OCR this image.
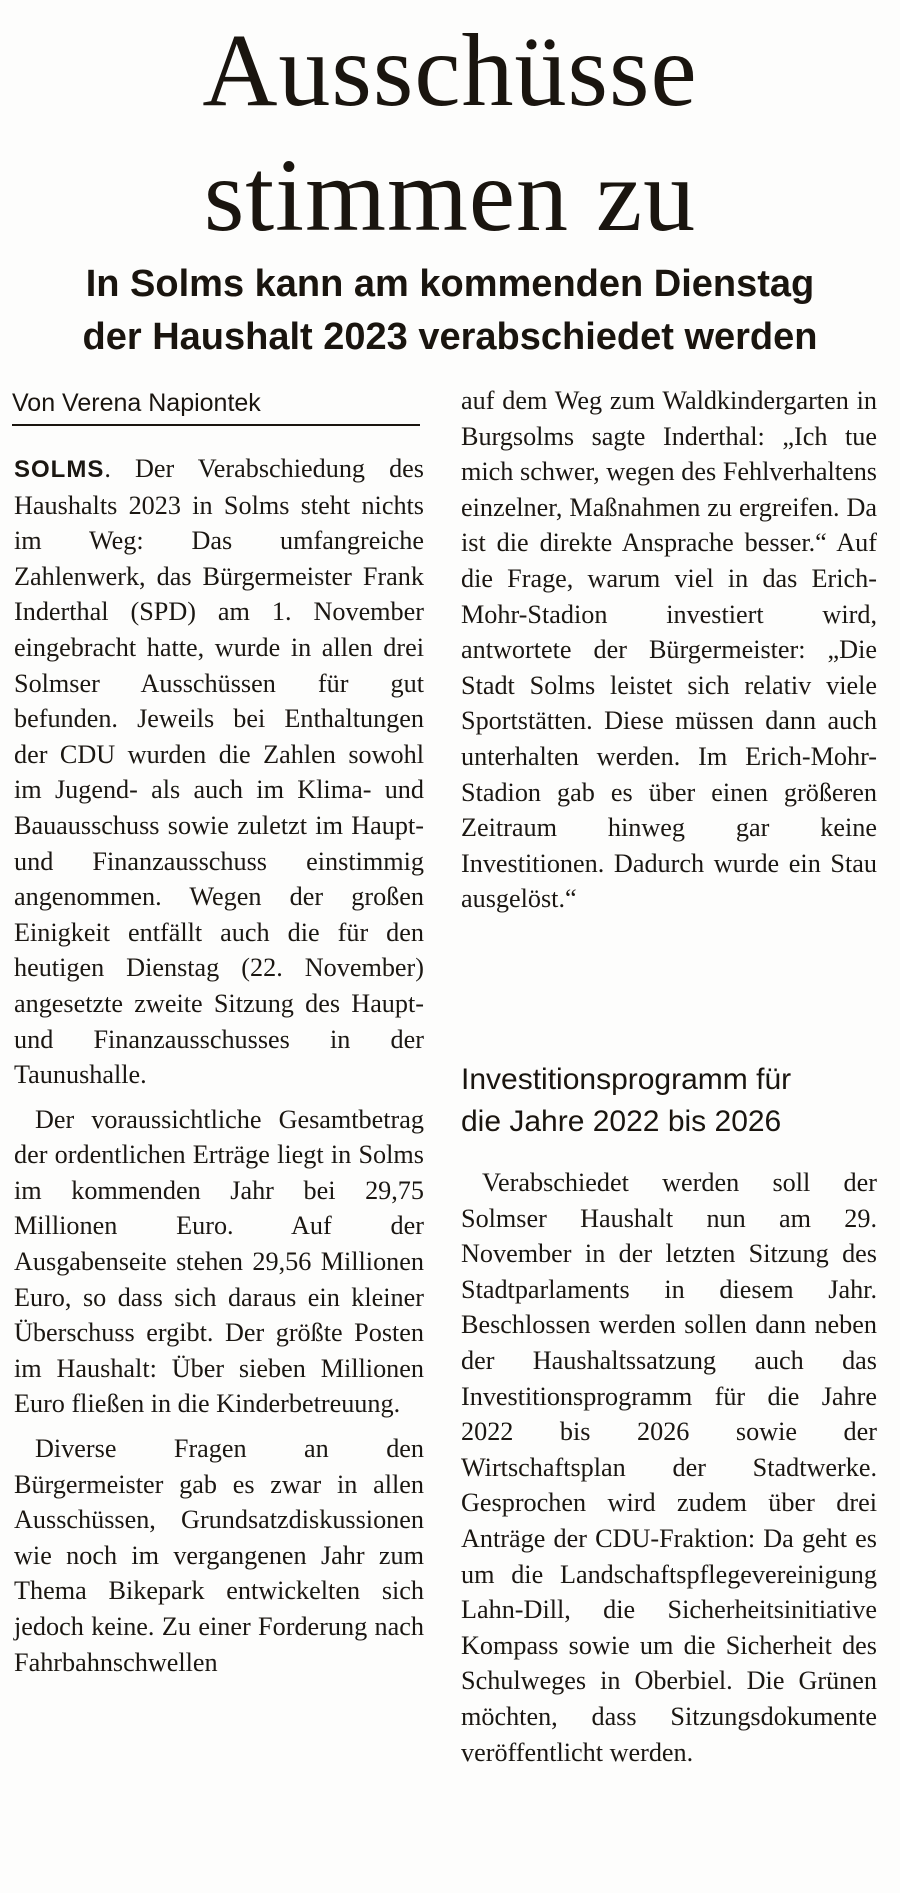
Ausschüsse
stimmen zu
In Solms kann am kommenden Dienstag
der Haushalt 2023 verabschiedet werden
Von Verena Napiontek

SOLMS. Der Verabschiedung des Haushalts 2023 in Solms steht nichts im Weg: Das umfangreiche Zahlenwerk, das Bürgermeister Frank Inderthal (SPD) am 1. November eingebracht hatte, wurde in allen drei Solmser Ausschüssen für gut befunden. Jeweils bei Enthaltungen der CDU wurden die Zahlen sowohl im Jugend- als auch im Klima- und Bauausschuss sowie zuletzt im Haupt- und Finanzausschuss einstimmig angenommen. Wegen der großen Einigkeit entfällt auch die für den heutigen Dienstag (22. November) angesetzte zweite Sitzung des Haupt- und Finanzausschusses in der Taunushalle.

Der voraussichtliche Gesamtbetrag der ordentlichen Erträge liegt in Solms im kommenden Jahr bei 29,75 Millionen Euro. Auf der Ausgabenseite stehen 29,56 Millionen Euro, so dass sich daraus ein kleiner Überschuss ergibt. Der größte Posten im Haushalt: Über sieben Millionen Euro fließen in die Kinderbetreuung.

Diverse Fragen an den Bürgermeister gab es zwar in allen Ausschüssen, Grundsatzdiskussionen wie noch im vergangenen Jahr zum Thema Bikepark entwickelten sich jedoch keine. Zu einer Forderung nach Fahrbahnschwellen

auf dem Weg zum Waldkindergarten in Burgsolms sagte Inderthal: „Ich tue mich schwer, wegen des Fehlverhaltens einzelner, Maßnahmen zu ergreifen. Da ist die direkte Ansprache besser.“ Auf die Frage, warum viel in das Erich-Mohr-Stadion investiert wird, antwortete der Bürgermeister: „Die Stadt Solms leistet sich relativ viele Sportstätten. Diese müssen dann auch unterhalten werden. Im Erich-Mohr-Stadion gab es über einen größeren Zeitraum hinweg gar keine Investitionen. Dadurch wurde ein Stau ausgelöst.“

Investitionsprogramm für
die Jahre 2022 bis 2026

Verabschiedet werden soll der Solmser Haushalt nun am 29. November in der letzten Sitzung des Stadtparlaments in diesem Jahr. Beschlossen werden sollen dann neben der Haushaltssatzung auch das Investitionsprogramm für die Jahre 2022 bis 2026 sowie der Wirtschaftsplan der Stadtwerke. Gesprochen wird zudem über drei Anträge der CDU-Fraktion: Da geht es um die Landschaftspflegevereinigung Lahn-Dill, die Sicherheitsinitiative Kompass sowie um die Sicherheit des Schulweges in Oberbiel. Die Grünen möchten, dass Sitzungsdokumente veröffentlicht werden.
